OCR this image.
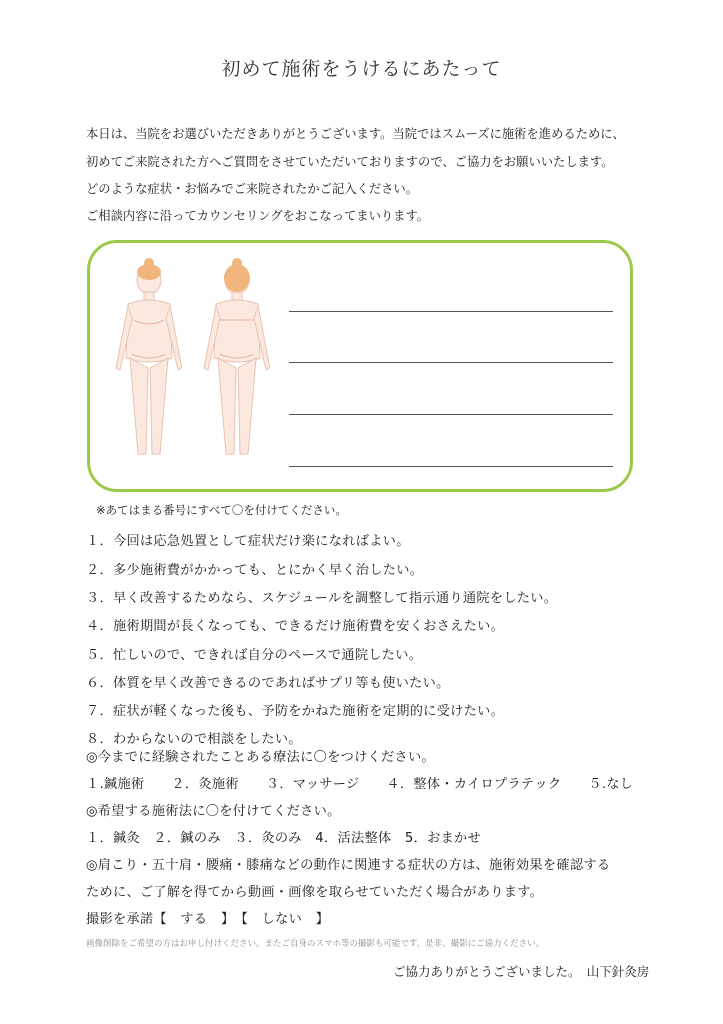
初めて施術をうけるにあたって
本日は、当院をお選びいただきありがとうございます。当院ではスムーズに施術を進めるために、
初めてご来院された方へご質問をさせていただいておりますので、ご協力をお願いいたします。
どのような症状・お悩みでご来院されたかご記入ください。
ご相談内容に沿ってカウンセリングをおこなってまいります。
※あてはまる番号にすべて〇を付けてください。
１．今回は応急処置として症状だけ楽になればよい。
２．多少施術費がかかっても、とにかく早く治したい。
３．早く改善するためなら、スケジュールを調整して指示通り通院をしたい。
４．施術期間が長くなっても、できるだけ施術費を安くおさえたい。
５．忙しいので、できれば自分のペースで通院したい。
６．体質を早く改善できるのであればサプリ等も使いたい。
７．症状が軽くなった後も、予防をかねた施術を定期的に受けたい。
８．わからないので相談をしたい。
◎今までに経験されたことある療法に〇をつけください。
１.鍼施術　　２．灸施術　　３．マッサージ　　４．整体・カイロプラテック　　５.なし
◎希望する施術法に〇を付けてください。
１．鍼灸　２．鍼のみ　３．灸のみ　4．活法整体　5．おまかせ
◎肩こり・五十肩・腰痛・膝痛などの動作に関連する症状の方は、施術効果を確認する
ために、ご了解を得てから動画・画像を取らせていただく場合があります。
撮影を承諾【　する　】　【　しない　】
画像削除をご希望の方はお申し付けください。またご自身のスマホ等の撮影も可能です。是非、撮影にご協力ください。
ご協力ありがとうございました。　山下針灸房
